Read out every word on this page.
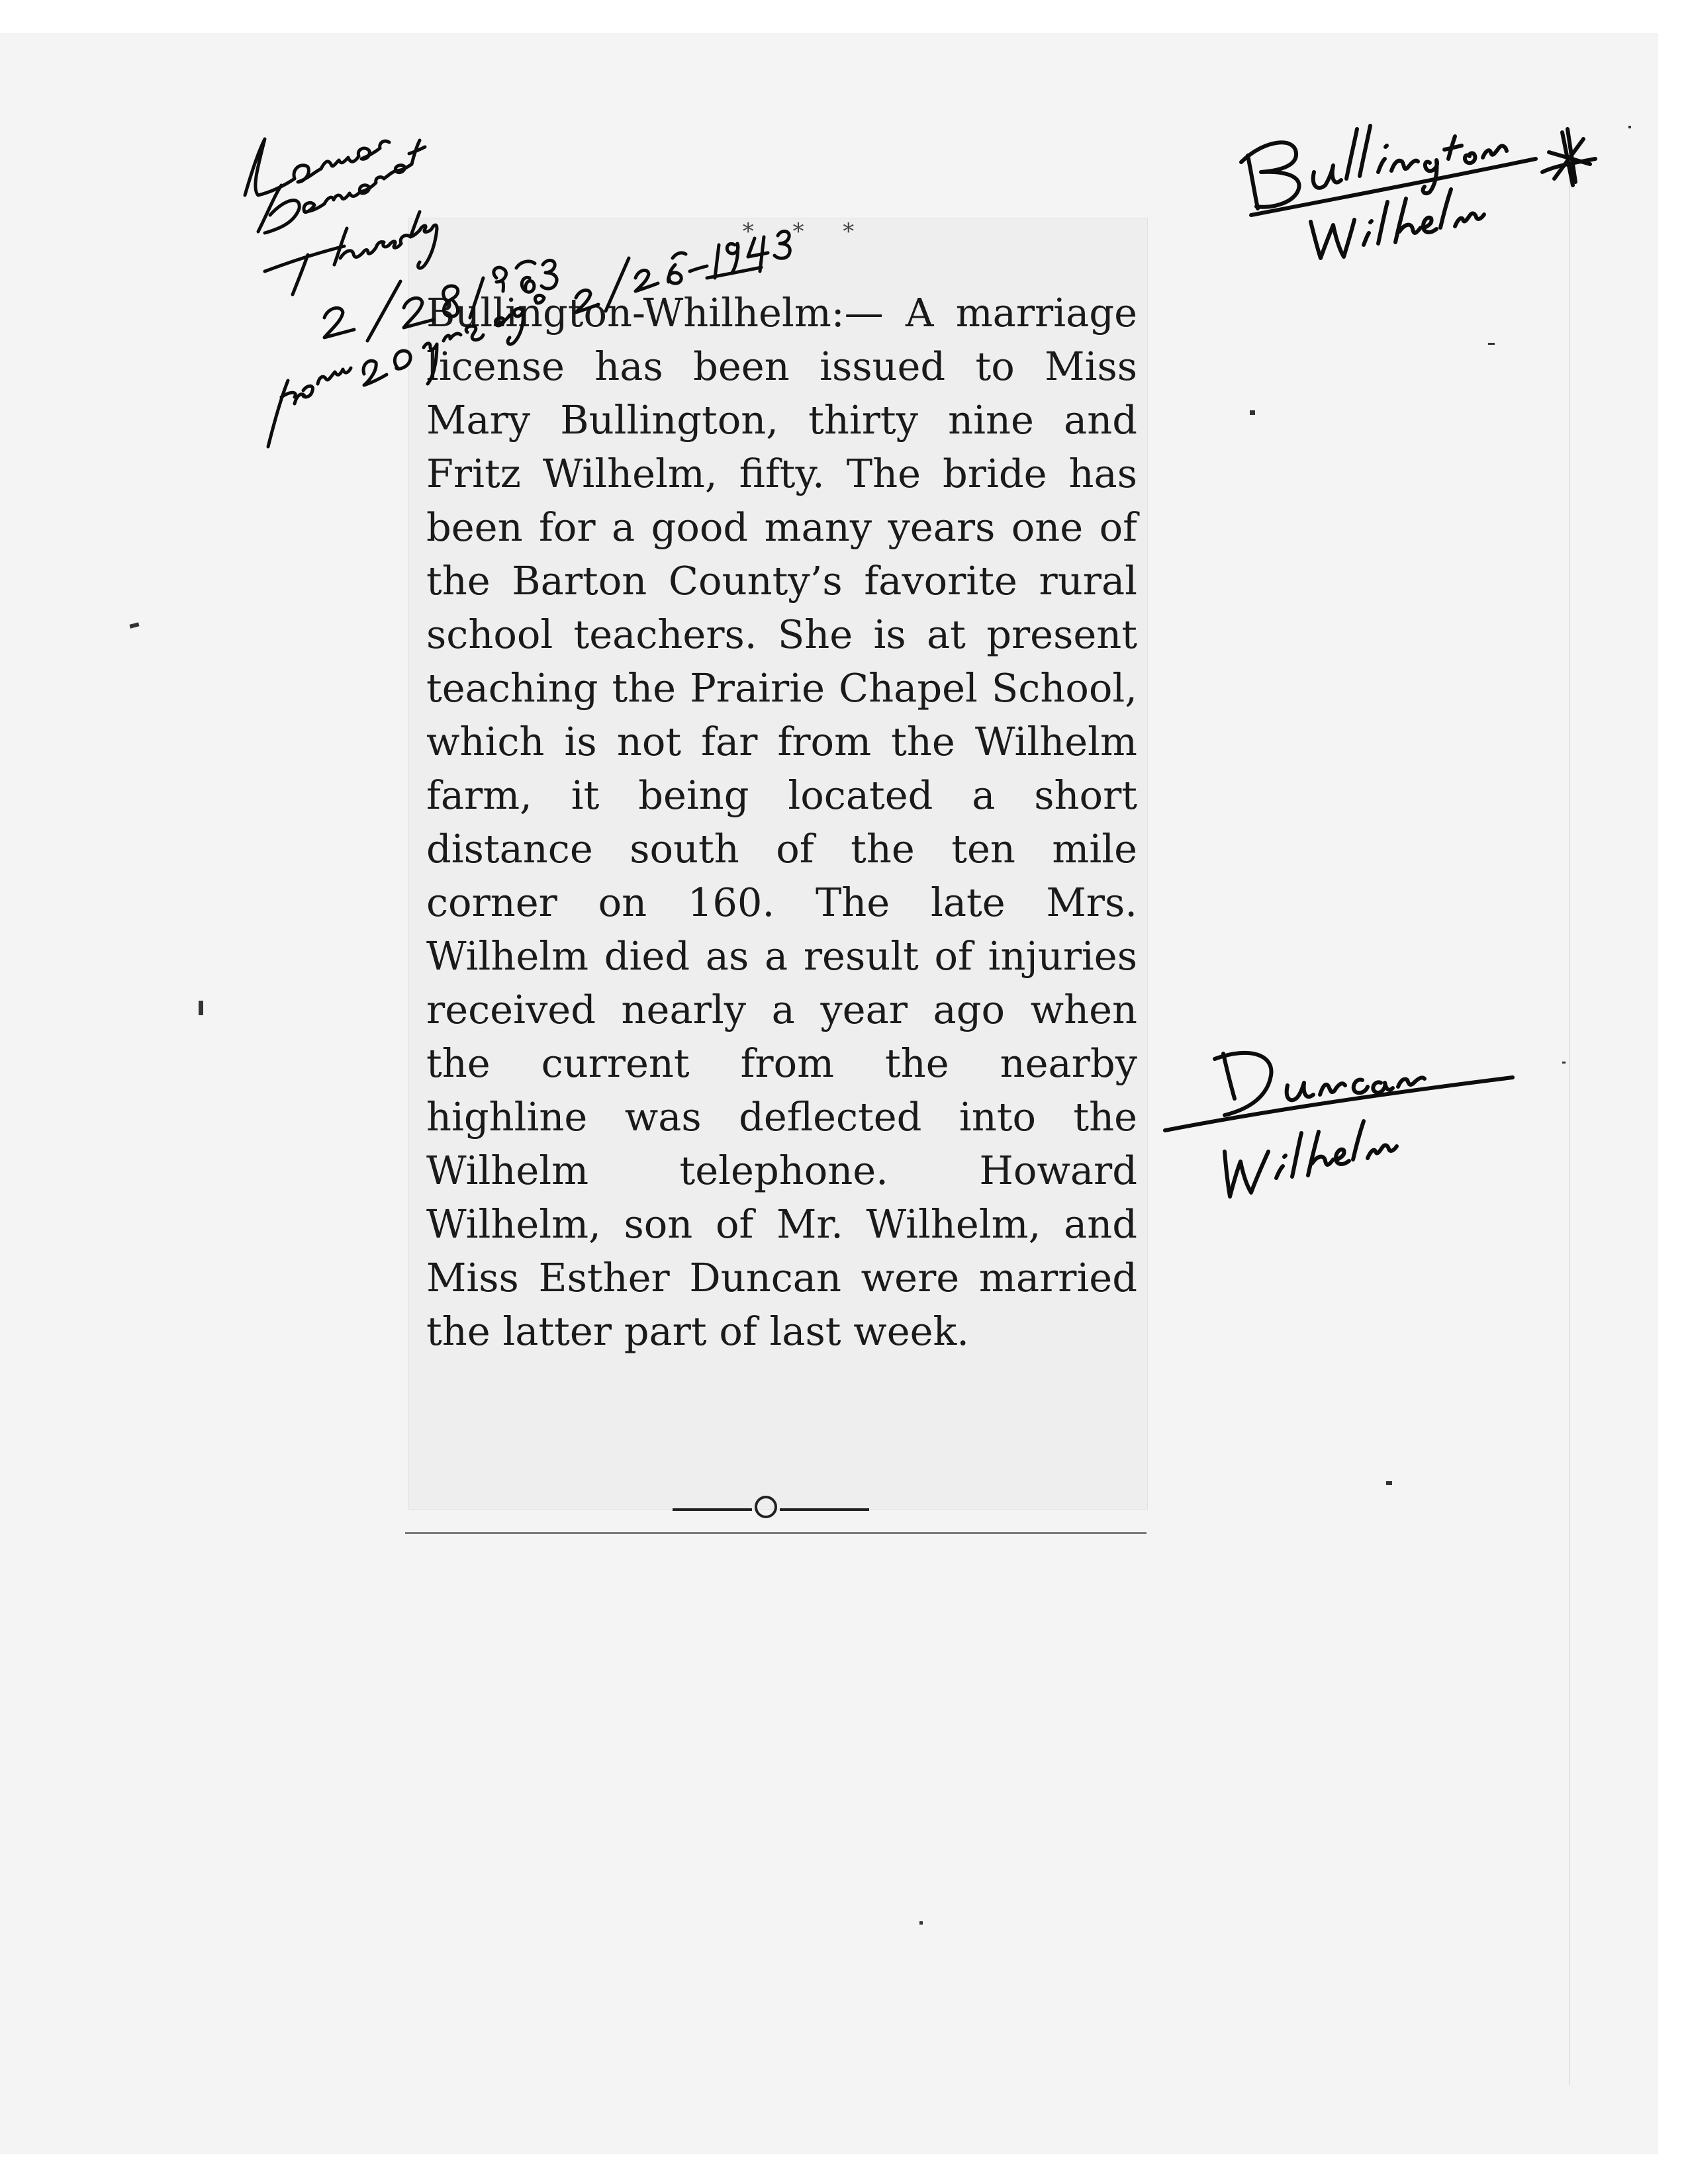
* * *

Bullington-Whilhelm:— A marriage license has been issued to Miss Mary Bullington, thirty nine and Fritz Wilhelm, fifty. The bride has been for a good many years one of the Barton County’s favorite rural school teachers. She is at present teaching the Prairie Chapel School, which is not far from the Wilhelm farm, it being located a short distance south of the ten mile corner on 160. The late Mrs. Wilhelm died as a result of injuries received nearly a year ago when the current from the nearby highline was deflected into the Wilhelm telephone. Howard Wilhelm, son of Mr. Wilhelm, and Miss Esther Duncan were married the latter part of last week.
